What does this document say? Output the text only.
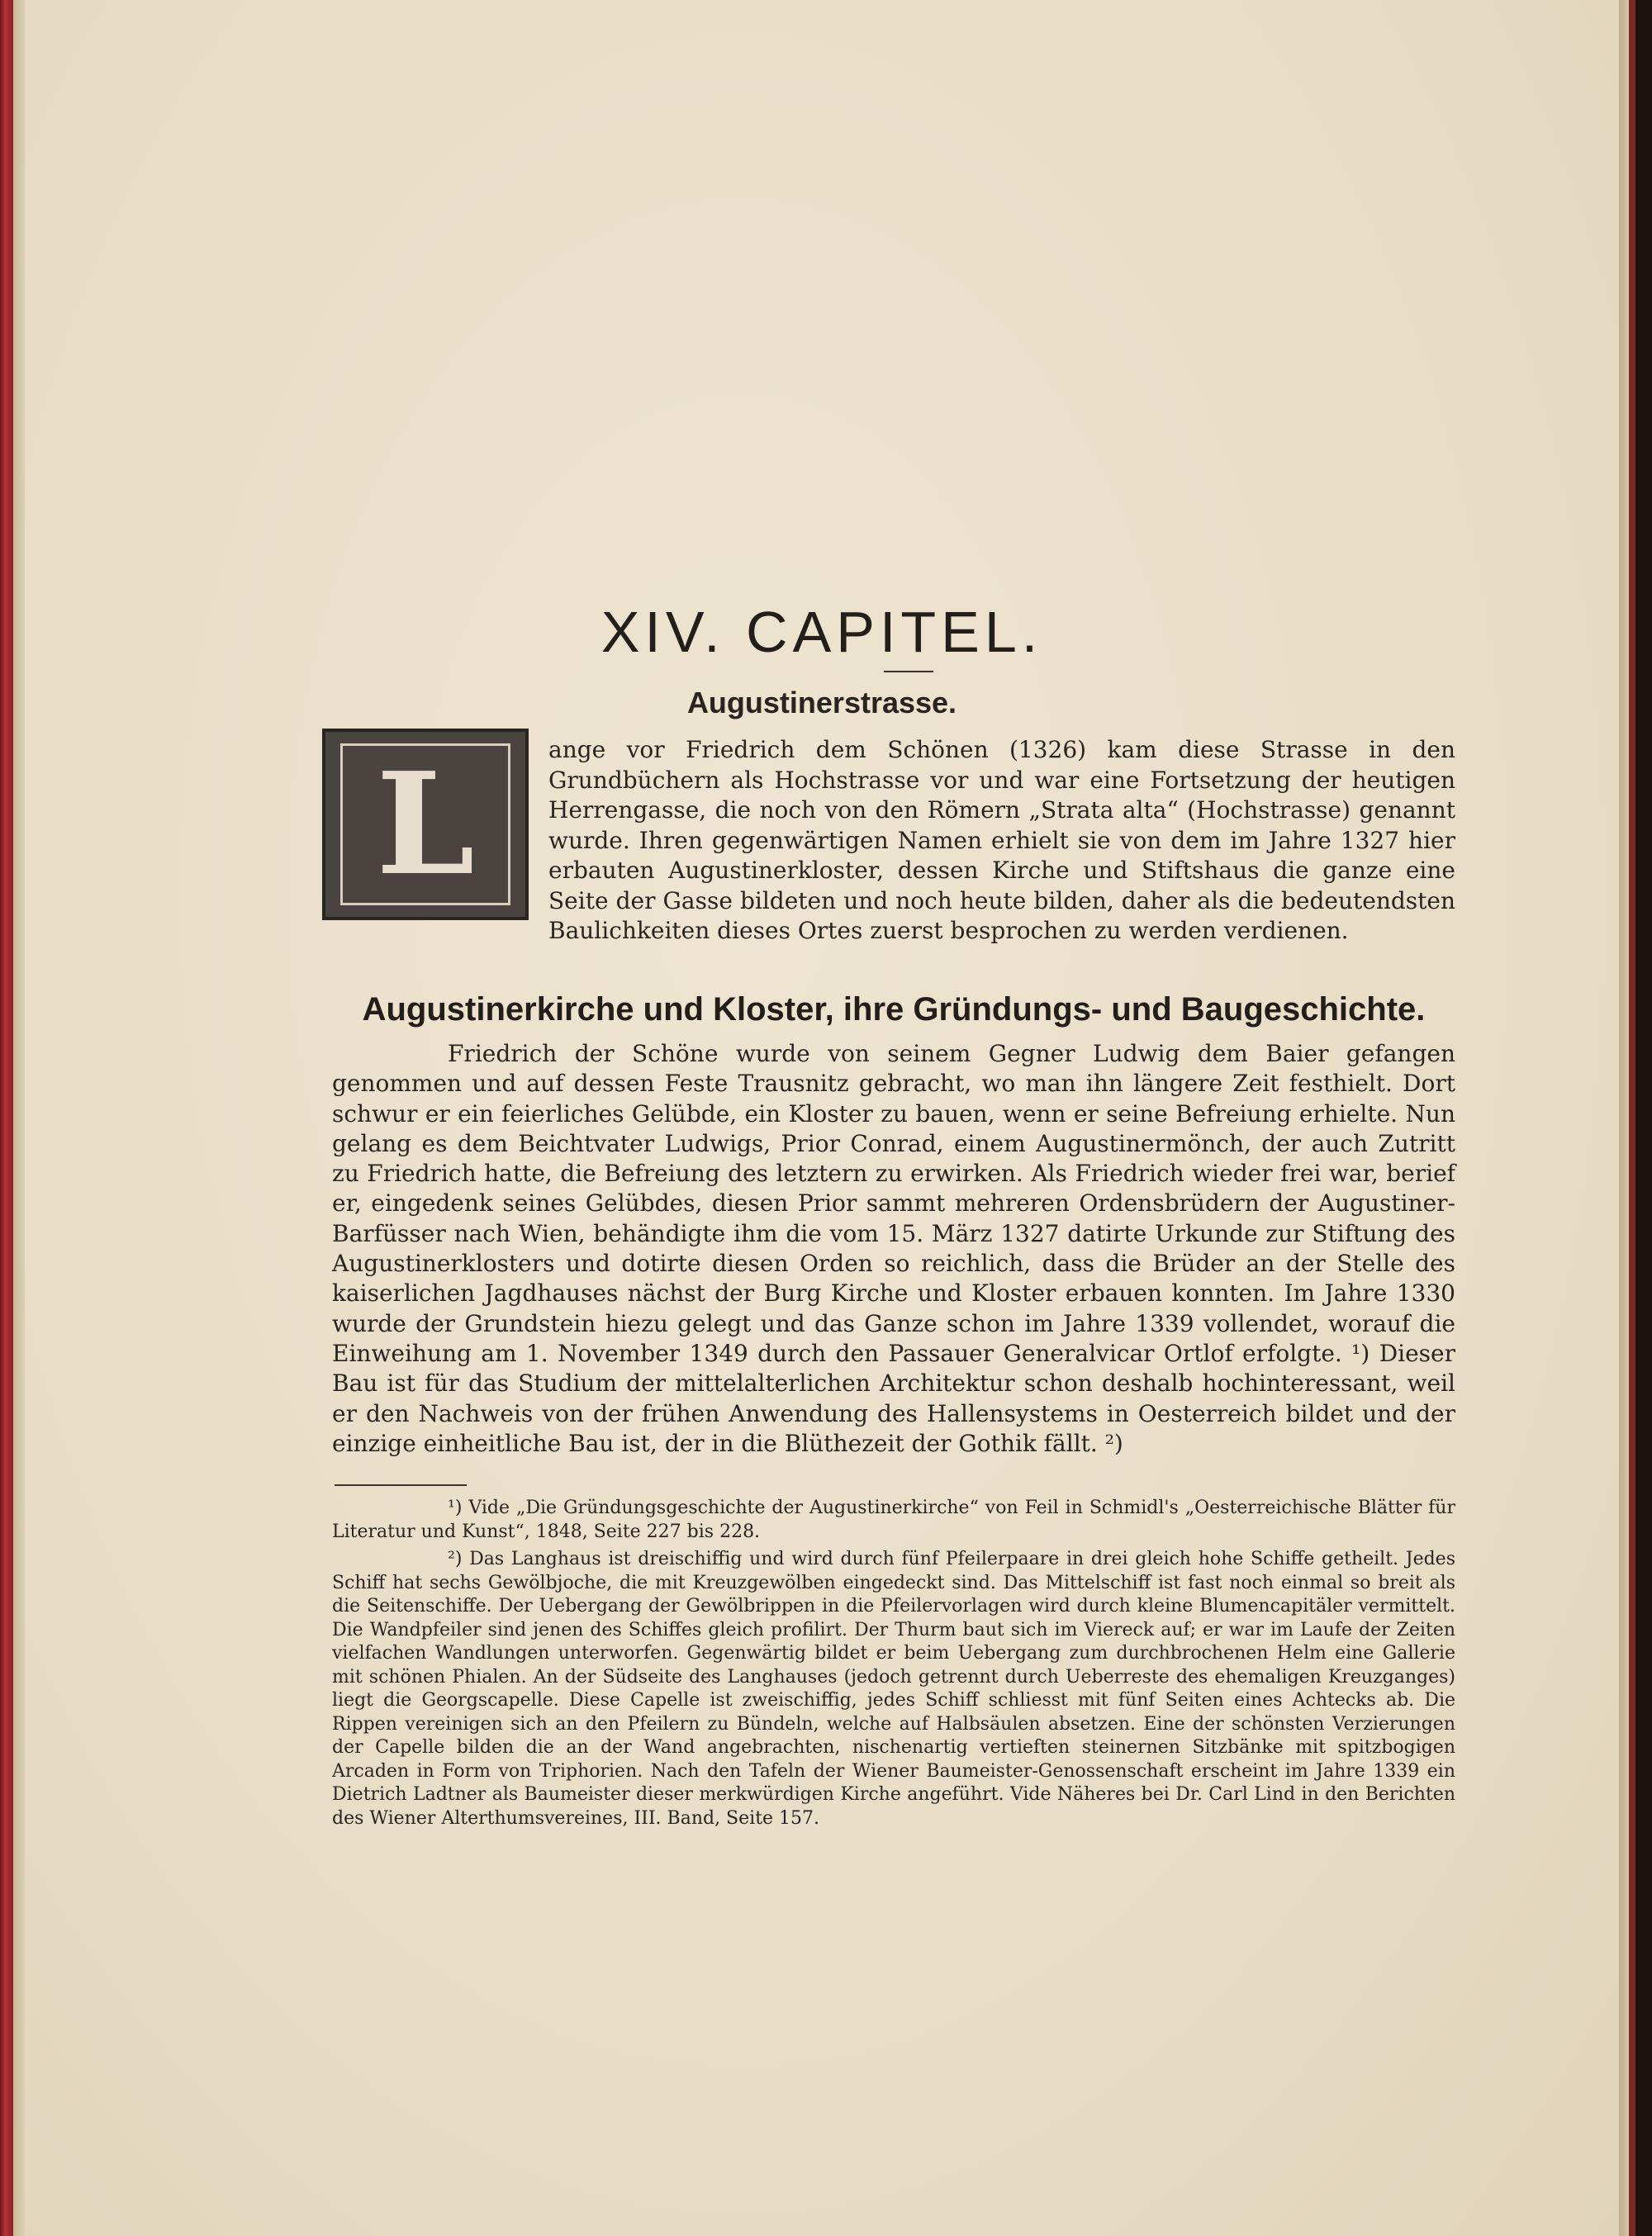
XIV. CAPITEL.
Augustinerstrasse.
L	ange vor Friedrich dem Schönen (1326) kam diese Strasse in den Grundbüchern als Hochstrasse vor und war eine Fortsetzung der heutigen Herrengasse, die noch von den Römern „Strata alta“ (Hochstrasse) genannt wurde. Ihren gegenwärtigen Namen erhielt sie von dem im Jahre 1327 hier erbauten Augustinerkloster, dessen Kirche und Stiftshaus die ganze eine Seite der Gasse bildeten und noch heute bilden, daher als die bedeutendsten Baulichkeiten dieses Ortes zuerst besprochen zu werden verdienen.
Augustinerkirche und Kloster, ihre Gründungs- und Baugeschichte.
Friedrich der Schöne wurde von seinem Gegner Ludwig dem Baier gefangen genommen und auf dessen Feste Trausnitz gebracht, wo man ihn längere Zeit festhielt. Dort schwur er ein feierliches Gelübde, ein Kloster zu bauen, wenn er seine Befreiung erhielte. Nun gelang es dem Beichtvater Ludwigs, Prior Conrad, einem Augustinermönch, der auch Zutritt zu Friedrich hatte, die Befreiung des letztern zu erwirken. Als Friedrich wieder frei war, berief er, eingedenk seines Gelübdes, diesen Prior sammt mehreren Ordensbrüdern der Augustiner-Barfüsser nach Wien, behändigte ihm die vom 15. März 1327 datirte Urkunde zur Stiftung des Augustinerklosters und dotirte diesen Orden so reichlich, dass die Brüder an der Stelle des kaiserlichen Jagdhauses nächst der Burg Kirche und Kloster erbauen konnten. Im Jahre 1330 wurde der Grundstein hiezu gelegt und das Ganze schon im Jahre 1339 vollendet, worauf die Einweihung am 1. November 1349 durch den Passauer Generalvicar Ortlof erfolgte. ¹) Dieser Bau ist für das Studium der mittelalterlichen Architektur schon deshalb hochinteressant, weil er den Nachweis von der frühen Anwendung des Hallensystems in Oesterreich bildet und der einzige einheitliche Bau ist, der in die Blüthezeit der Gothik fällt. ²)
¹) Vide „Die Gründungsgeschichte der Augustinerkirche“ von Feil in Schmidl's „Oesterreichische Blätter für Literatur und Kunst“, 1848, Seite 227 bis 228.
²) Das Langhaus ist dreischiffig und wird durch fünf Pfeilerpaare in drei gleich hohe Schiffe getheilt. Jedes Schiff hat sechs Gewölbjoche, die mit Kreuzgewölben eingedeckt sind. Das Mittelschiff ist fast noch einmal so breit als die Seitenschiffe. Der Uebergang der Gewölbrippen in die Pfeilervorlagen wird durch kleine Blumencapitäler vermittelt. Die Wandpfeiler sind jenen des Schiffes gleich profilirt. Der Thurm baut sich im Viereck auf; er war im Laufe der Zeiten vielfachen Wandlungen unterworfen. Gegenwärtig bildet er beim Uebergang zum durchbrochenen Helm eine Gallerie mit schönen Phialen. An der Südseite des Langhauses (jedoch getrennt durch Ueberreste des ehemaligen Kreuzganges) liegt die Georgscapelle. Diese Capelle ist zweischiffig, jedes Schiff schliesst mit fünf Seiten eines Achtecks ab. Die Rippen vereinigen sich an den Pfeilern zu Bündeln, welche auf Halbsäulen absetzen. Eine der schönsten Verzierungen der Capelle bilden die an der Wand angebrachten, nischenartig vertieften steinernen Sitzbänke mit spitzbogigen Arcaden in Form von Triphorien. Nach den Tafeln der Wiener Baumeister-Genossenschaft erscheint im Jahre 1339 ein Dietrich Ladtner als Baumeister dieser merkwürdigen Kirche angeführt. Vide Näheres bei Dr. Carl Lind in den Berichten des Wiener Alterthumsvereines, III. Band, Seite 157.
